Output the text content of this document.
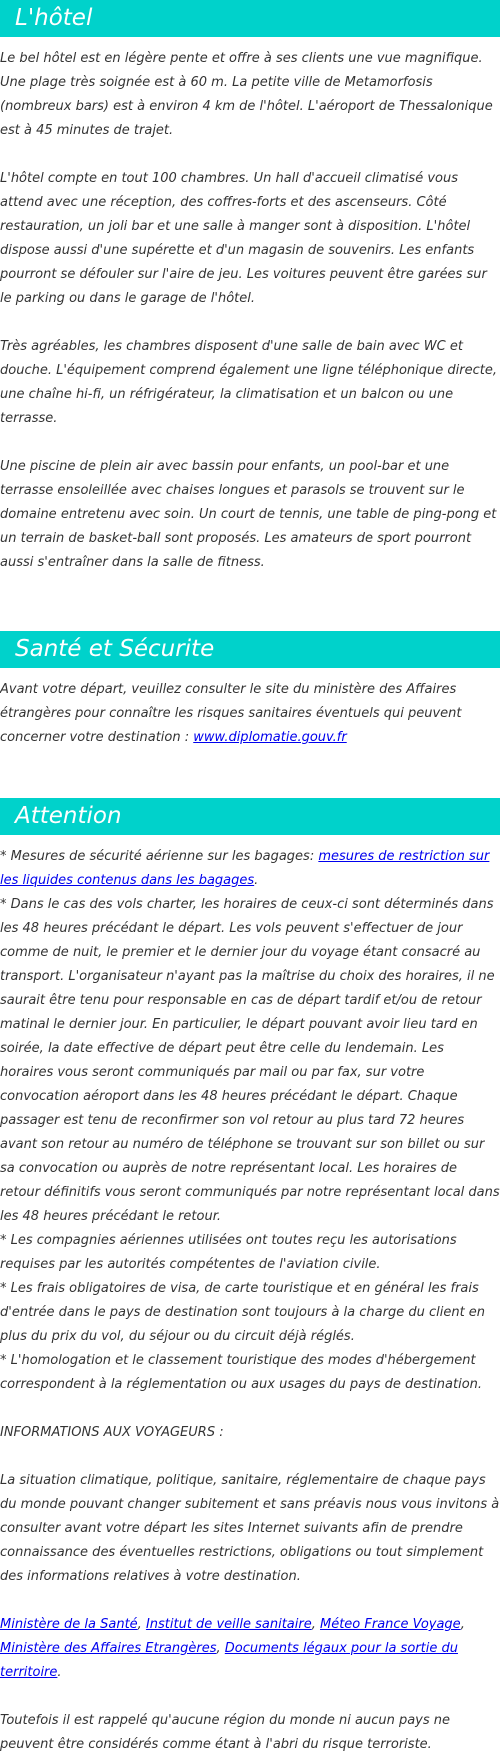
L'hôtel

Le bel hôtel est en légère pente et offre à ses clients une vue magnifique. Une plage très soignée est à 60 m. La petite ville de Metamorfosis (nombreux bars) est à environ 4 km de l'hôtel. L'aéroport de Thessalonique est à 45 minutes de trajet.

L'hôtel compte en tout 100 chambres. Un hall d'accueil climatisé vous attend avec une réception, des coffres-forts et des ascenseurs. Côté restauration, un joli bar et une salle à manger sont à disposition. L'hôtel dispose aussi d'une supérette et d'un magasin de souvenirs. Les enfants pourront se défouler sur l'aire de jeu. Les voitures peuvent être garées sur le parking ou dans le garage de l'hôtel.

Très agréables, les chambres disposent d'une salle de bain avec WC et douche. L'équipement comprend également une ligne téléphonique directe, une chaîne hi-fi, un réfrigérateur, la climatisation et un balcon ou une terrasse.

Une piscine de plein air avec bassin pour enfants, un pool-bar et une terrasse ensoleillée avec chaises longues et parasols se trouvent sur le domaine entretenu avec soin. Un court de tennis, une table de ping-pong et un terrain de basket-ball sont proposés. Les amateurs de sport pourront aussi s'entraîner dans la salle de fitness.

Santé et Sécurite

Avant votre départ, veuillez consulter le site du ministère des Affaires étrangères pour connaître les risques sanitaires éventuels qui peuvent concerner votre destination : www.diplomatie.gouv.fr

Attention

* Mesures de sécurité aérienne sur les bagages: mesures de restriction sur les liquides contenus dans les bagages.

* Dans le cas des vols charter, les horaires de ceux-ci sont déterminés dans les 48 heures précédant le départ. Les vols peuvent s'effectuer de jour comme de nuit, le premier et le dernier jour du voyage étant consacré au transport. L'organisateur n'ayant pas la maîtrise du choix des horaires, il ne saurait être tenu pour responsable en cas de départ tardif et/ou de retour matinal le dernier jour. En particulier, le départ pouvant avoir lieu tard en soirée, la date effective de départ peut être celle du lendemain. Les horaires vous seront communiqués par mail ou par fax, sur votre convocation aéroport dans les 48 heures précédant le départ. Chaque passager est tenu de reconfirmer son vol retour au plus tard 72 heures avant son retour au numéro de téléphone se trouvant sur son billet ou sur sa convocation ou auprès de notre représentant local. Les horaires de retour définitifs vous seront communiqués par notre représentant local dans les 48 heures précédant le retour.

* Les compagnies aériennes utilisées ont toutes reçu les autorisations requises par les autorités compétentes de l'aviation civile.

* Les frais obligatoires de visa, de carte touristique et en général les frais d'entrée dans le pays de destination sont toujours à la charge du client en plus du prix du vol, du séjour ou du circuit déjà réglés.

* L'homologation et le classement touristique des modes d'hébergement correspondent à la réglementation ou aux usages du pays de destination.

INFORMATIONS AUX VOYAGEURS :

La situation climatique, politique, sanitaire, réglementaire de chaque pays du monde pouvant changer subitement et sans préavis nous vous invitons à consulter avant votre départ les sites Internet suivants afin de prendre connaissance des éventuelles restrictions, obligations ou tout simplement des informations relatives à votre destination.

Ministère de la Santé, Institut de veille sanitaire, Méteo France Voyage, Ministère des Affaires Etrangères, Documents légaux pour la sortie du territoire.

Toutefois il est rappelé qu'aucune région du monde ni aucun pays ne peuvent être considérés comme étant à l'abri du risque terroriste.
